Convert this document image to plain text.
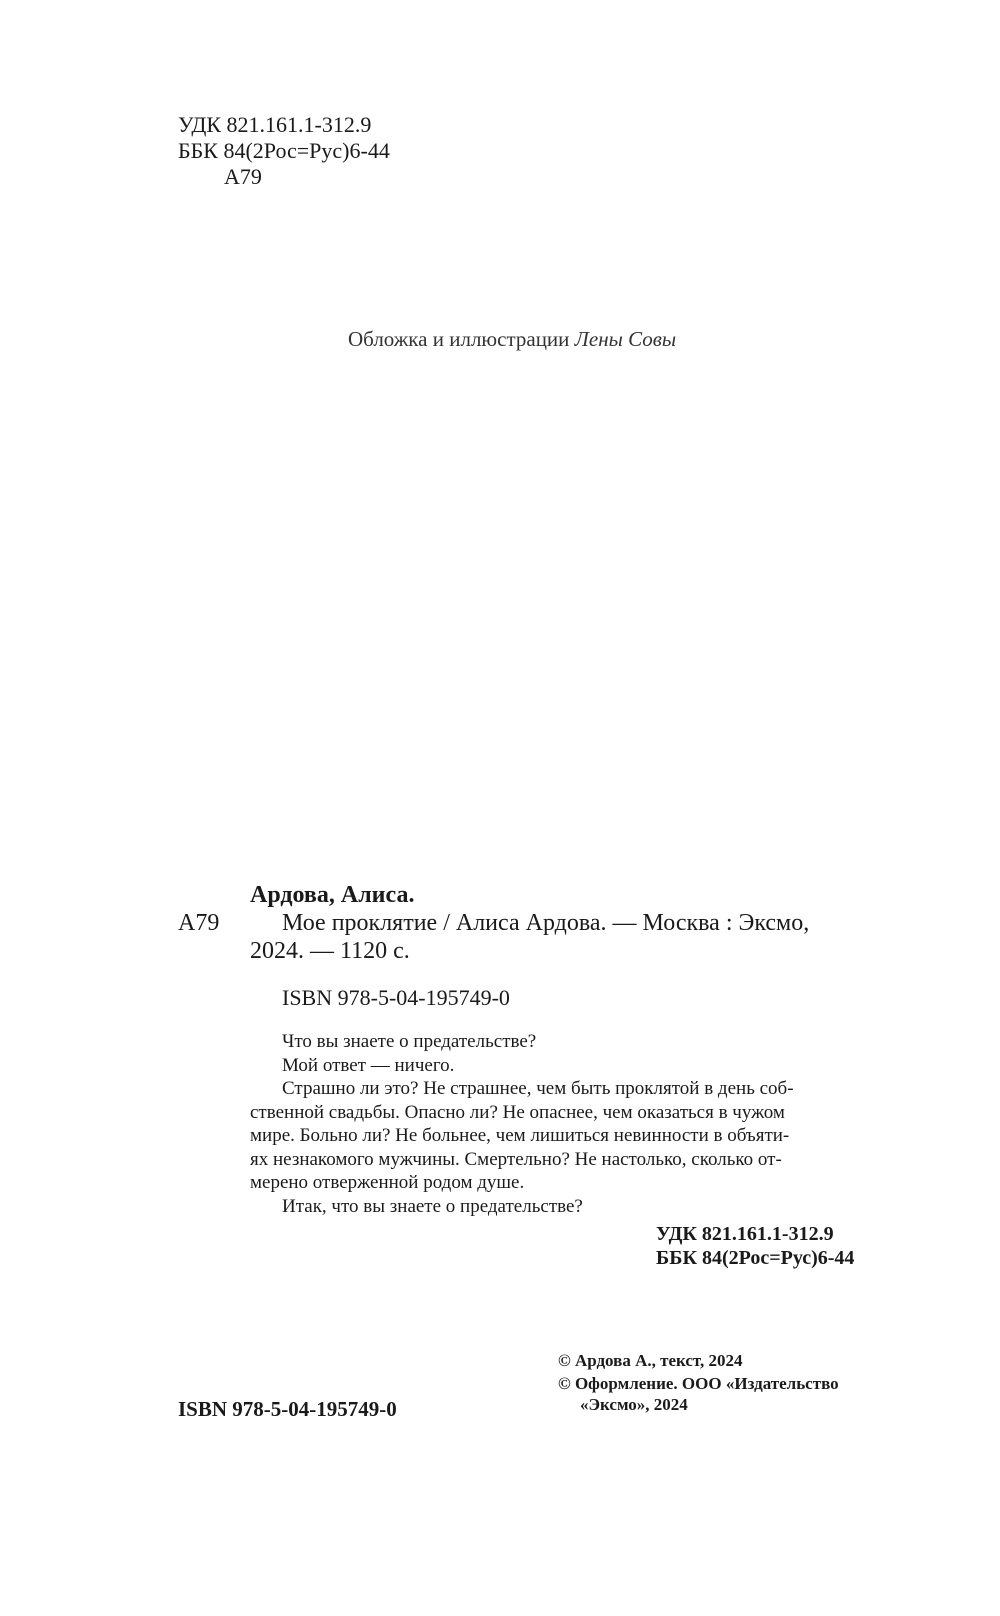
УДК 821.161.1-312.9
ББК 84(2Рос=Рус)6-44
А79
Обложка и иллюстрации Лены Совы
Ардова, Алиса.
А79	Мое проклятие / Алиса Ардова. — Москва : Эксмо,
2024. — 1120 с.
ISBN 978-5-04-195749-0
Что вы знаете о предательстве?
Мой ответ — ничего.
Страшно ли это? Не страшнее, чем быть проклятой в день соб-
ственной свадьбы. Опасно ли? Не опаснее, чем оказаться в чужом
мире. Больно ли? Не больнее, чем лишиться невинности в объяти-
ях незнакомого мужчины. Смертельно? Не настолько, сколько от-
мерено отверженной родом душе.
Итак, что вы знаете о предательстве?
УДК 821.161.1-312.9
ББК 84(2Рос=Рус)6-44
ISBN 978-5-04-195749-0
© Ардова А., текст, 2024
© Оформление. ООО «Издательство
«Эксмо», 2024
